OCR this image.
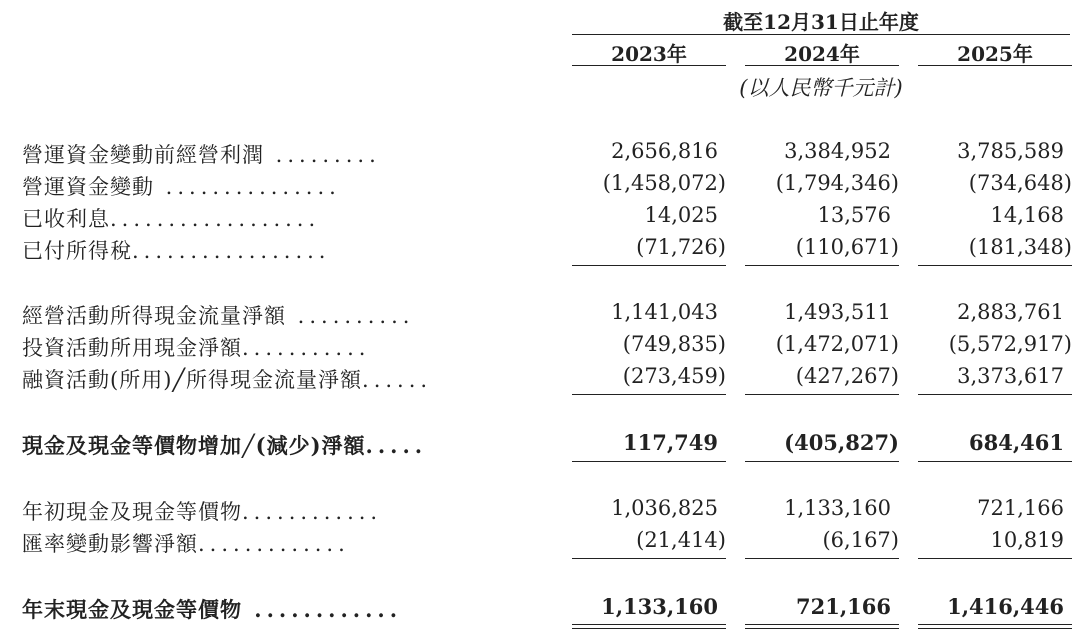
截至12月31日止年度
2023年	2024年	2025年
(以人民幣千元計)
營運資金變動前經營利潤 .........	2,656,816	3,384,952	3,785,589
營運資金變動 ...............	(1,458,072)	(1,794,346)	(734,648)
已收利息..................	14,025	13,576	14,168
已付所得稅.................	(71,726)	(110,671)	(181,348)
經營活動所得現金流量淨額 ..........	1,141,043	1,493,511	2,883,761
投資活動所用現金淨額...........	(749,835)	(1,472,071)	(5,572,917)
融資活動(所用)╱所得現金流量淨額......	(273,459)	(427,267)	3,373,617
現金及現金等價物增加╱(減少)淨額.....	117,749	(405,827)	684,461
年初現金及現金等價物............	1,036,825	1,133,160	721,166
匯率變動影響淨額.............	(21,414)	(6,167)	10,819
年末現金及現金等價物 ............	1,133,160	721,166	1,416,446
